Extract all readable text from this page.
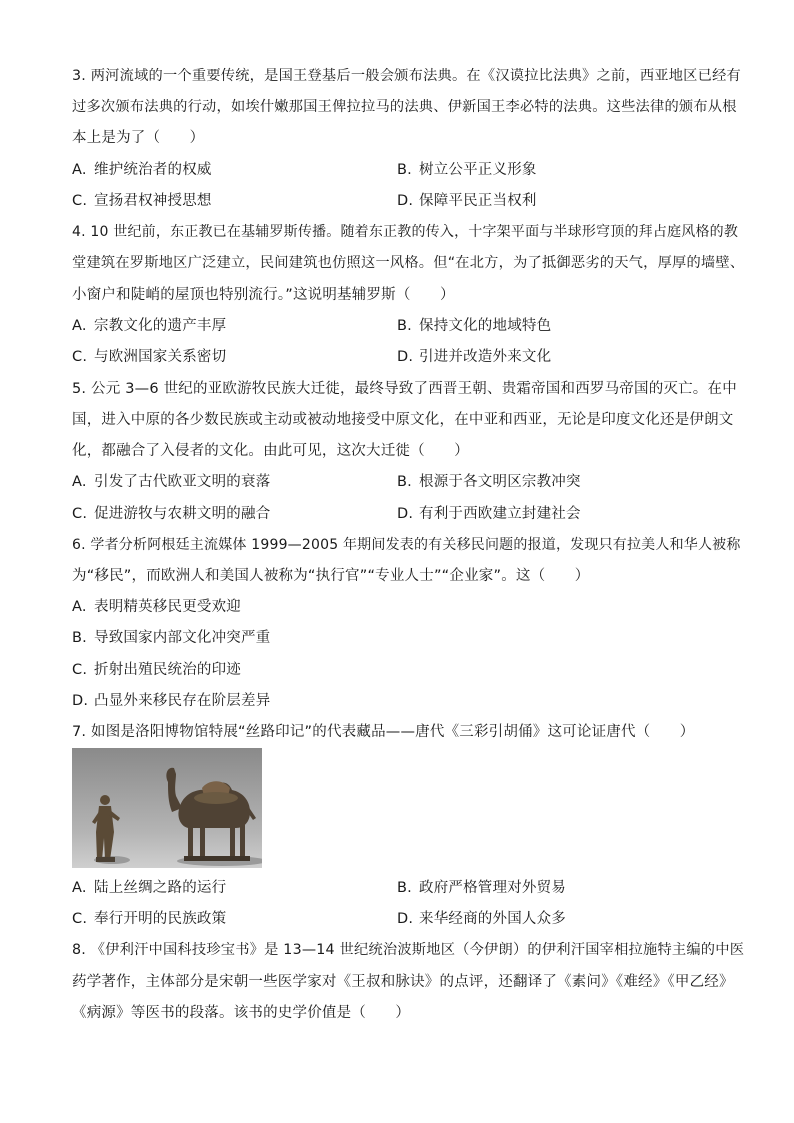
3. 两河流域的一个重要传统，是国王登基后一般会颁布法典。在《汉谟拉比法典》之前，西亚地区已经有
过多次颁布法典的行动，如埃什嫩那国王俾拉拉马的法典、伊新国王李必特的法典。这些法律的颁布从根
本上是为了（　　）
A. 维护统治者的权威	B. 树立公平正义形象
C. 宣扬君权神授思想	D. 保障平民正当权利
4. 10 世纪前，东正教已在基辅罗斯传播。随着东正教的传入，十字架平面与半球形穹顶的拜占庭风格的教
堂建筑在罗斯地区广泛建立，民间建筑也仿照这一风格。但“在北方，为了抵御恶劣的天气，厚厚的墙壁、
小窗户和陡峭的屋顶也特别流行。”这说明基辅罗斯（　　）
A. 宗教文化的遗产丰厚	B. 保持文化的地域特色
C. 与欧洲国家关系密切	D. 引进并改造外来文化
5. 公元 3—6 世纪的亚欧游牧民族大迁徙，最终导致了西晋王朝、贵霜帝国和西罗马帝国的灭亡。在中
国，进入中原的各少数民族或主动或被动地接受中原文化，在中亚和西亚，无论是印度文化还是伊朗文
化，都融合了入侵者的文化。由此可见，这次大迁徙（　　）
A. 引发了古代欧亚文明的衰落	B. 根源于各文明区宗教冲突
C. 促进游牧与农耕文明的融合	D. 有利于西欧建立封建社会
6. 学者分析阿根廷主流媒体 1999—2005 年期间发表的有关移民问题的报道，发现只有拉美人和华人被称
为“移民”，而欧洲人和美国人被称为“执行官”“专业人士”“企业家”。这（　　）
A. 表明精英移民更受欢迎
B. 导致国家内部文化冲突严重
C. 折射出殖民统治的印迹
D. 凸显外来移民存在阶层差异
7. 如图是洛阳博物馆特展“丝路印记”的代表藏品——唐代《三彩引胡俑》这可论证唐代（　　）
A. 陆上丝绸之路的运行	B. 政府严格管理对外贸易
C. 奉行开明的民族政策	D. 来华经商的外国人众多
8. 《伊利汗中国科技珍宝书》是 13—14 世纪统治波斯地区（今伊朗）的伊利汗国宰相拉施特主编的中医
药学著作，主体部分是宋朝一些医学家对《王叔和脉诀》的点评，还翻译了《素问》《难经》《甲乙经》
《病源》等医书的段落。该书的史学价值是（　　）
